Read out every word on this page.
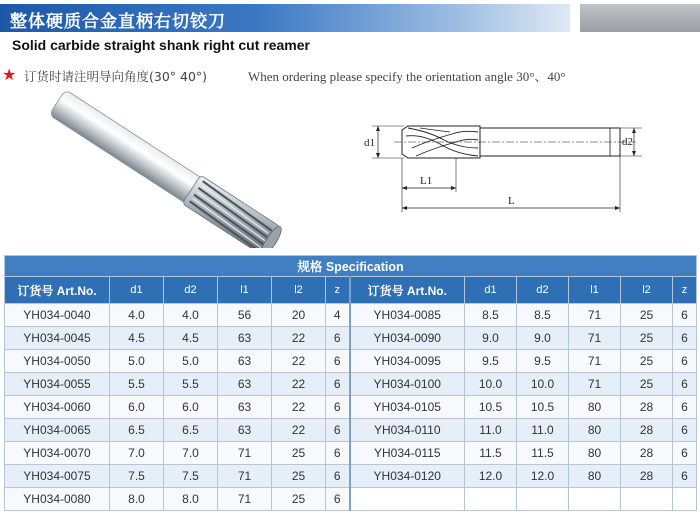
整体硬质合金直柄右切铰刀
Solid carbide straight shank right cut reamer
★ 订货时请注明导向角度(30° 40°)	When ordering please specify the orientation angle 30°、40°
d1	d2
L1
L
规格 Specification											
订货号 Art.No.	d1	d2	l1	l2	z	订货号 Art.No.	d1	d2	l1	l2	z
YH034-0040	4.0	4.0	56	20	4	YH034-0085	8.5	8.5	71	25	6
YH034-0045	4.5	4.5	63	22	6	YH034-0090	9.0	9.0	71	25	6
YH034-0050	5.0	5.0	63	22	6	YH034-0095	9.5	9.5	71	25	6
YH034-0055	5.5	5.5	63	22	6	YH034-0100	10.0	10.0	71	25	6
YH034-0060	6.0	6.0	63	22	6	YH034-0105	10.5	10.5	80	28	6
YH034-0065	6.5	6.5	63	22	6	YH034-0110	11.0	11.0	80	28	6
YH034-0070	7.0	7.0	71	25	6	YH034-0115	11.5	11.5	80	28	6
YH034-0075	7.5	7.5	71	25	6	YH034-0120	12.0	12.0	80	28	6
YH034-0080	8.0	8.0	71	25	6						
